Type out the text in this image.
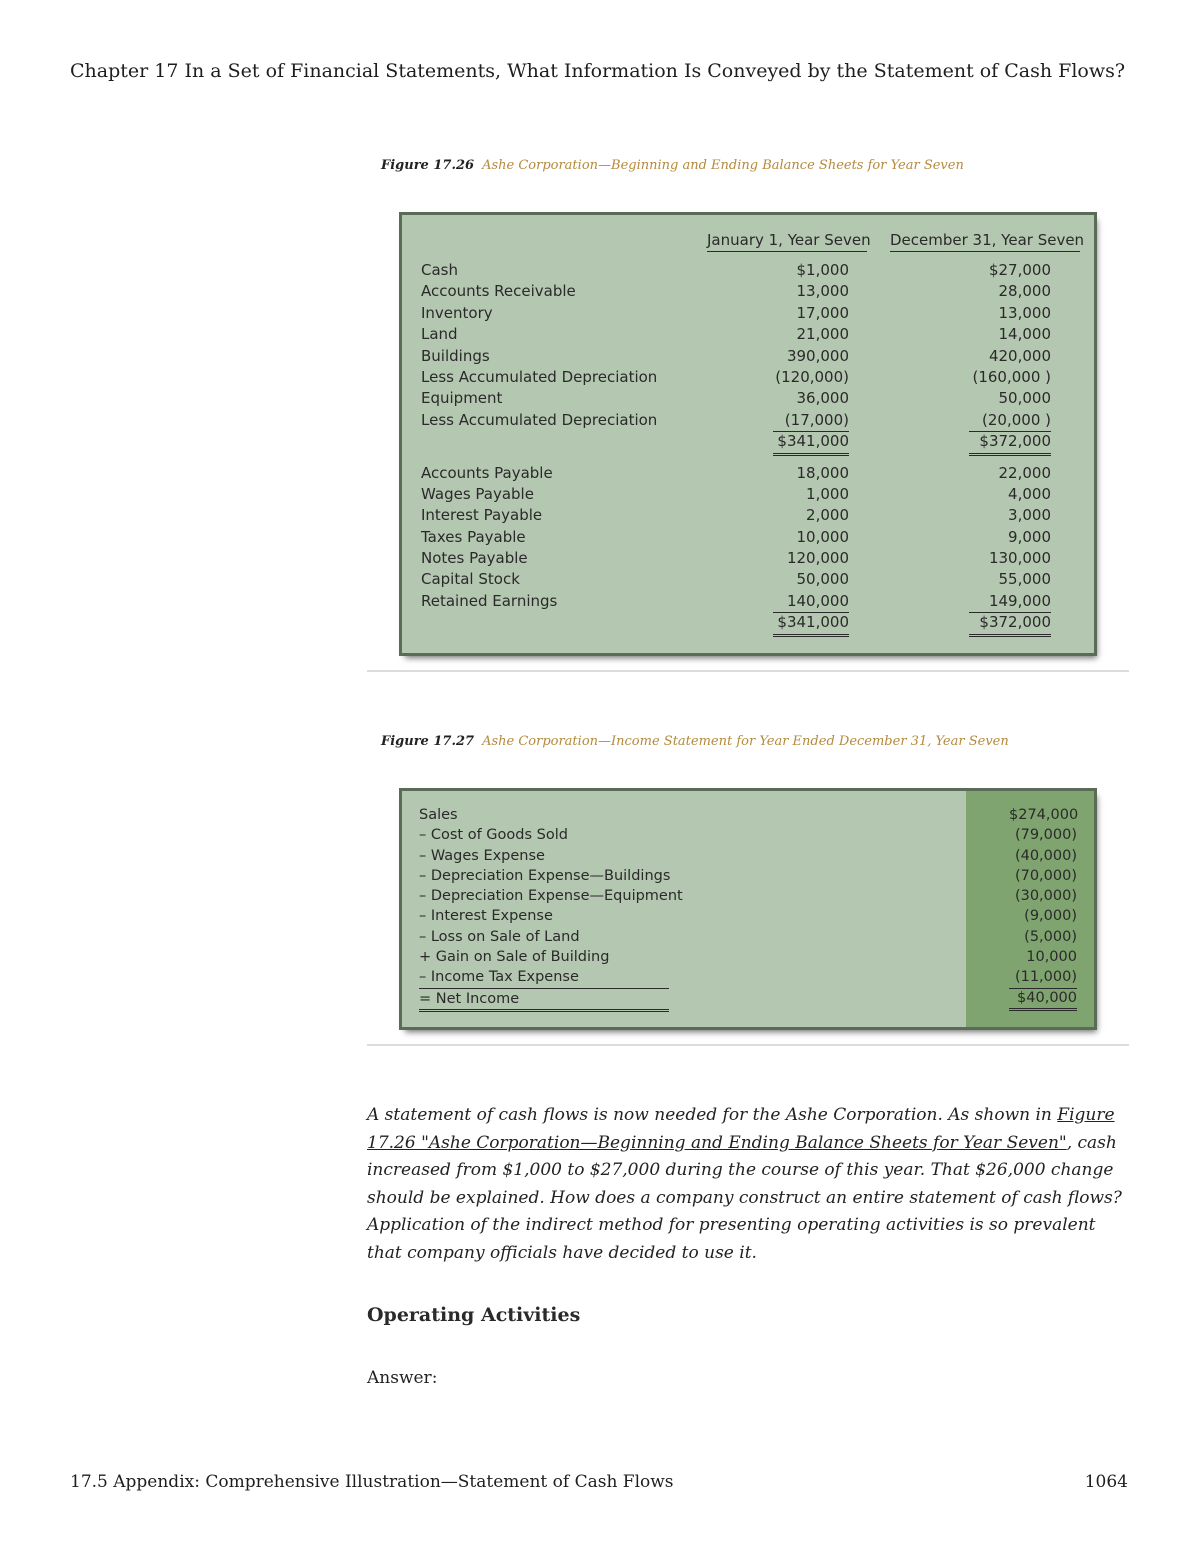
Chapter 17 In a Set of Financial Statements, What Information Is Conveyed by the Statement of Cash Flows?
Figure 17.26 Ashe Corporation—Beginning and Ending Balance Sheets for Year Seven
January 1, Year Seven December 31, Year Seven
Cash	$1,000	$27,000
Accounts Receivable	13,000	28,000
Inventory	17,000	13,000
Land	21,000	14,000
Buildings	390,000	420,000
Less Accumulated Depreciation	(120,000)	(160,000 )
Equipment	36,000	50,000
Less Accumulated Depreciation	(17,000)	(20,000 )
$341,000	$372,000
Accounts Payable	18,000	22,000
Wages Payable	1,000	4,000
Interest Payable	2,000	3,000
Taxes Payable	10,000	9,000
Notes Payable	120,000	130,000
Capital Stock	50,000	55,000
Retained Earnings	140,000	149,000
$341,000	$372,000
Figure 17.27 Ashe Corporation—Income Statement for Year Ended December 31, Year Seven
Sales	$274,000
– Cost of Goods Sold	(79,000)
– Wages Expense	(40,000)
– Depreciation Expense—Buildings	(70,000)
– Depreciation Expense—Equipment	(30,000)
– Interest Expense	(9,000)
– Loss on Sale of Land	(5,000)
+ Gain on Sale of Building	10,000
– Income Tax Expense	(11,000)
= Net Income	$40,000

A statement of cash flows is now needed for the Ashe Corporation. As shown in Figure 17.26 "Ashe Corporation—Beginning and Ending Balance Sheets for Year Seven", cash increased from $1,000 to $27,000 during the course of this year. That $26,000 change should be explained. How does a company construct an entire statement of cash flows? Application of the indirect method for presenting operating activities is so prevalent that company officials have decided to use it.

Operating Activities
Answer:
17.5 Appendix: Comprehensive Illustration—Statement of Cash Flows	1064
